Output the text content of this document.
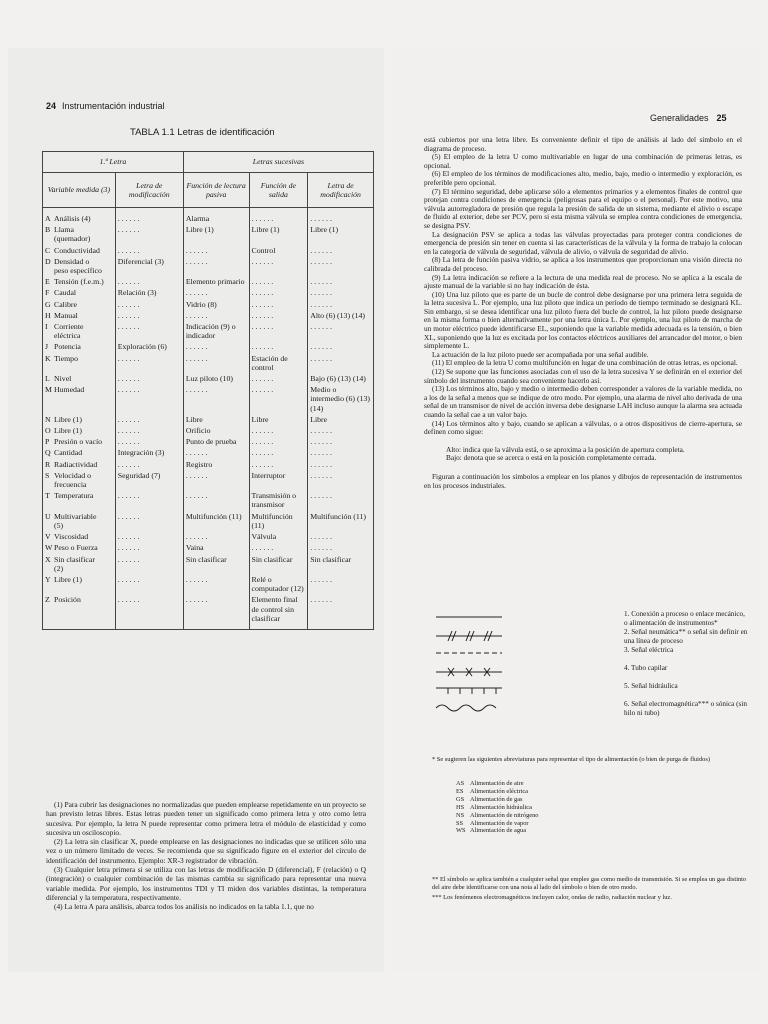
24 Instrumentación industrial
TABLA 1.1 Letras de identificación
1.ª Letra		Letras sucesivas		
Variable medida (3)	Letra de modificación	Función de lectura pasiva	Función de salida	Letra de modificación
A Análisis (4)	......	Alarma	......	......
B Llama (quemador)	......	Libre (1)	Libre (1)	Libre (1)
C Conductividad	......	......	Control	......
D Densidad o peso específico	Diferencial (3)	......	......	......
E Tensión (f.e.m.)	......	Elemento primario	......	......
F Caudal	Relación (3)	......	......	......
G Calibre	......	Vidrio (8)	......	......
H Manual	......	......	......	Alto (6) (13) (14)
I Corriente eléctrica	......	Indicación (9) o indicador	......	......
J Potencia	Exploración (6)	......	......	......
K Tiempo	......	......	Estación de control	......
L Nivel	......	Luz piloto (10)	......	Bajo (6) (13) (14)
M Humedad	......	......	......	Medio o intermedio (6) (13) (14)
N Libre (1)	......	Libre	Libre	Libre
O Libre (1)	......	Orificio	......	......
P Presión o vacío	......	Punto de prueba	......	......
Q Cantidad	Integración (3)	......	......	......
R Radiactividad	......	Registro	......	......
S Velocidad o frecuencia	Seguridad (7)	......	Interruptor	......
T Temperatura	......	......	Transmisión o transmisor	......
U Multivariable (5)	......	Multifunción (11)	Multifunción (11)	Multifunción (11)
V Viscosidad	......	......	Válvula	......
W Peso o Fuerza	......	Vaina	......	......
X Sin clasificar (2)	......	Sin clasificar	Sin clasificar	Sin clasificar
Y Libre (1)	......	......	Relé o computador (12)	......
Z Posición	......	......	Elemento final de control sin clasificar	......

(1) Para cubrir las designaciones no normalizadas que pueden emplearse repetidamente en un proyecto se han previsto letras libres. Estas letras pueden tener un significado como primera letra y otro como letra sucesiva. Por ejemplo, la letra N puede representar como primera letra el módulo de elasticidad y como sucesiva un osciloscopio.

(2) La letra sin clasificar X, puede emplearse en las designaciones no indicadas que se utilicen sólo una vez o un número limitado de veces. Se recomienda que su significado figure en el exterior del círculo de identificación del instrumento. Ejemplo: XR-3 registrador de vibración.

(3) Cualquier letra primera si se utiliza con las letras de modificación D (diferencial), F (relación) o Q (integración) o cualquier combinación de las mismas cambia su significado para representar una nueva variable medida. Por ejemplo, los instrumentos TDI y TI miden dos variables distintas, la temperatura diferencial y la temperatura, respectivamente.

(4) La letra A para análisis, abarca todos los análisis no indicados en la tabla 1.1, que no

Generalidades 25

está cubiertos por una letra libre. Es conveniente definir el tipo de análisis al lado del símbolo en el diagrama de proceso.

(5) El empleo de la letra U como multivariable en lugar de una combinación de primeras letras, es opcional.

(6) El empleo de los términos de modificaciones alto, medio, bajo, medio o intermedio y exploración, es preferible pero opcional.

(7) El término seguridad, debe aplicarse sólo a elementos primarios y a elementos finales de control que protejan contra condiciones de emergencia (peligrosas para el equipo o el personal). Por este motivo, una válvula autorregladora de presión que regula la presión de salida de un sistema, mediante el alivio o escape de fluido al exterior, debe ser PCV, pero si esta misma válvula se emplea contra condiciones de emergencia, se designa PSV.

La designación PSV se aplica a todas las válvulas proyectadas para proteger contra condiciones de emergencia de presión sin tener en cuenta si las características de la válvula y la forma de trabajo la colocan en la categoría de válvula de seguridad, válvula de alivio, o válvula de seguridad de alivio.

(8) La letra de función pasiva vidrio, se aplica a los instrumentos que proporcionan una visión directa no calibrada del proceso.

(9) La letra indicación se refiere a la lectura de una medida real de proceso. No se aplica a la escala de ajuste manual de la variable si no hay indicación de ésta.

(10) Una luz piloto que es parte de un bucle de control debe designarse por una primera letra seguida de la letra sucesiva L. Por ejemplo, una luz piloto que indica un período de tiempo terminado se designará KL. Sin embargo, si se desea identificar una luz piloto fuera del bucle de control, la luz piloto puede designarse en la misma forma o bien alternativamente por una letra única L. Por ejemplo, una luz piloto de marcha de un motor eléctrico puede identificarse EL, suponiendo que la variable medida adecuada es la tensión, o bien XL, suponiendo que la luz es excitada por los contactos eléctricos auxiliares del arrancador del motor, o bien simplemente L.

La actuación de la luz piloto puede ser acompañada por una señal audible.

(11) El empleo de la letra U como multifunción en lugar de una combinación de otras letras, es opcional.

(12) Se supone que las funciones asociadas con el uso de la letra sucesiva Y se definirán en el exterior del símbolo del instrumento cuando sea conveniente hacerlo así.

(13) Los términos alto, bajo y medio o intermedio deben corresponder a valores de la variable medida, no a los de la señal a menos que se indique de otro modo. Por ejemplo, una alarma de nivel alto derivada de una señal de un transmisor de nivel de acción inversa debe designarse LAH incluso aunque la alarma sea actuada cuando la señal cae a un valor bajo.

(14) Los términos alto y bajo, cuando se aplican a válvulas, o a otros dispositivos de cierre-apertura, se definen como sigue:

Alto: indica que la válvula está, o se aproxima a la posición de apertura completa.

Bajo: denota que se acerca o está en la posición completamente cerrada.

Figuran a continuación los símbolos a emplear en los planos y dibujos de representación de instrumentos en los procesos industriales.

1. Conexión a proceso o enlace mecánico, o alimentación de instrumentos*
2. Señal neumática** o señal sin definir en una línea de proceso
3. Señal eléctrica
4. Tubo capilar
5. Señal hidráulica
6. Señal electromagnética*** o sónica (sin hilo ni tubo)
* Se sugieren las siguientes abreviaturas para representar el tipo de alimentación (o bien de purga de fluidos)
AS Alimentación de aire
ES Alimentación eléctrica
GS Alimentación de gas
HS Alimentación hidráulica
NS Alimentación de nitrógeno
SS Alimentación de vapor
WS Alimentación de agua
** El símbolo se aplica también a cualquier señal que emplee gas como medio de transmisión. Si se emplea un gas distinto del aire debe identificarse con una nota al lado del símbolo o bien de otro modo.
*** Los fenómenos electromagnéticos incluyen calor, ondas de radio, radiación nuclear y luz.
